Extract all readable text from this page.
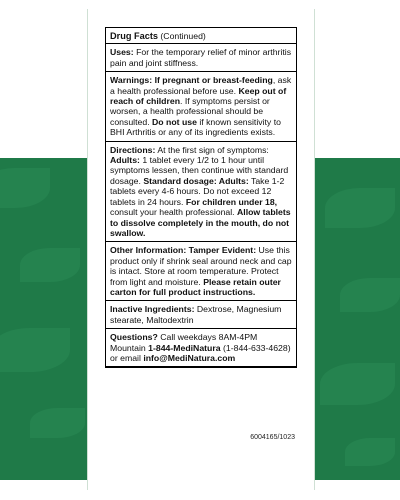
Drug Facts (Continued)
Uses: For the temporary relief of minor arthritis pain and joint stiffness.
Warnings: If pregnant or breast-feeding, ask a health professional before use. Keep out of reach of children. If symptoms persist or worsen, a health professional should be consulted. Do not use if known sensitivity to BHI Arthritis or any of its ingredients exists.
Directions: At the first sign of symptoms: Adults: 1 tablet every 1/2 to 1 hour until symptoms lessen, then continue with standard dosage. Standard dosage: Adults: Take 1-2 tablets every 4-6 hours. Do not exceed 12 tablets in 24 hours. For children under 18, consult your health professional. Allow tablets to dissolve completely in the mouth, do not swallow.
Other Information: Tamper Evident: Use this product only if shrink seal around neck and cap is intact. Store at room temperature. Protect from light and moisture. Please retain outer carton for full product instructions.
Inactive Ingredients: Dextrose, Magnesium stearate, Maltodextrin
Questions? Call weekdays 8AM-4PM Mountain 1-844-MediNatura (1-844-633-4628) or email info@MediNatura.com
6004165/1023
